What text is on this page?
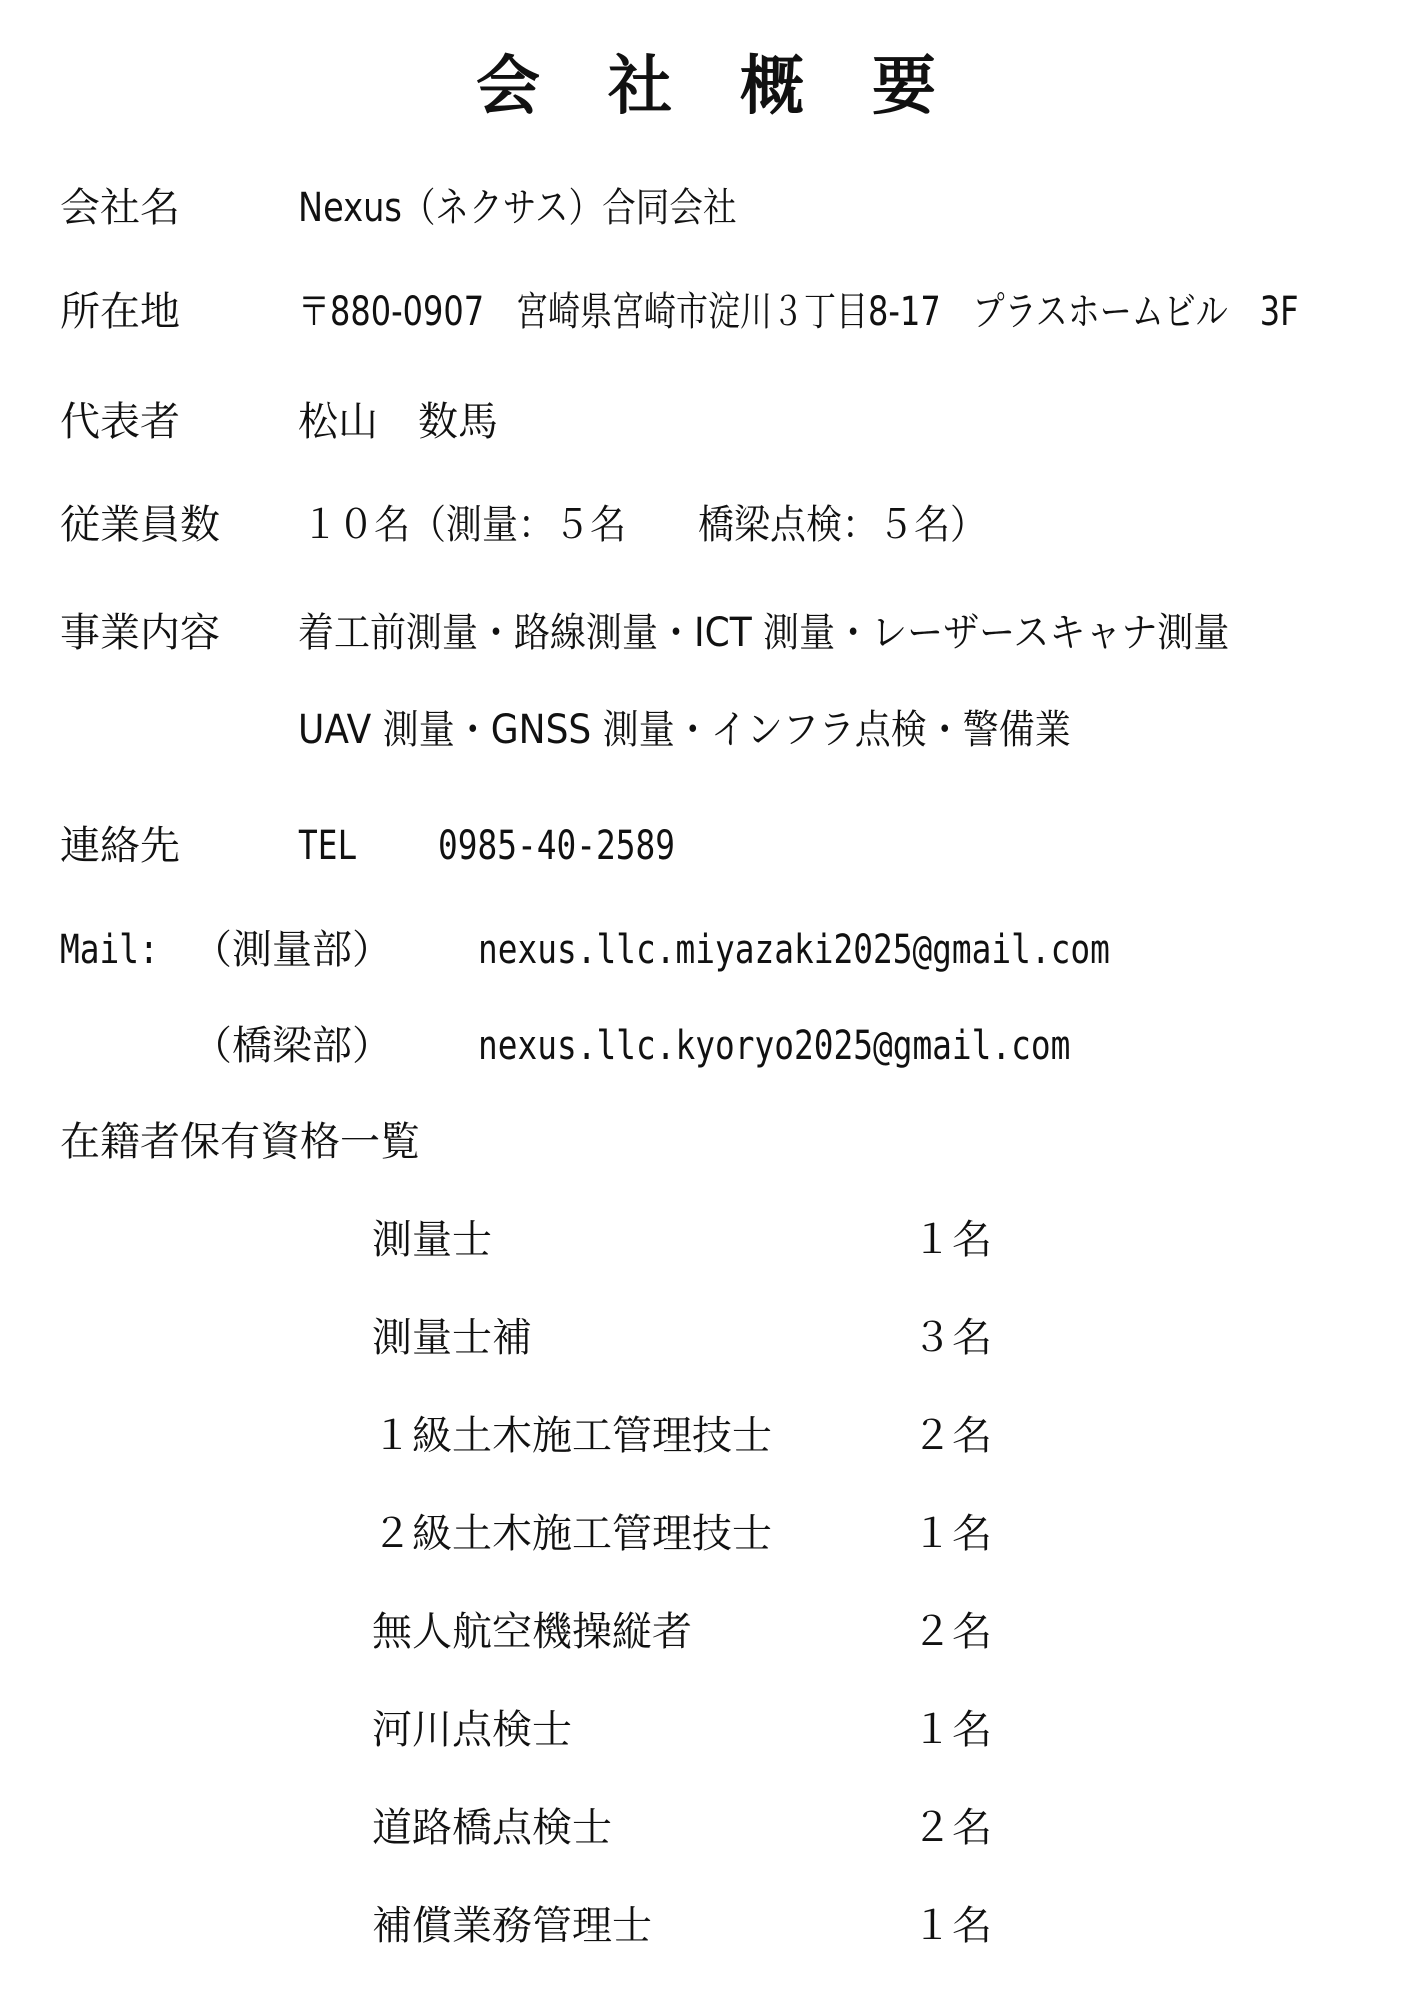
会　社　概　要
会社名	Nexus（ネクサス）合同会社
所在地	〒880-0907　宮崎県宮崎市淀川３丁目8-17　プラスホームビル　3F
代表者	松山　数馬
従業員数 １０名（測量：５名　　橋梁点検：５名）
事業内容 着工前測量・路線測量・ICT 測量・レーザースキャナ測量
UAV 測量・GNSS 測量・インフラ点検・警備業
連絡先	TEL 0985-40-2589
Mail: （測量部） nexus.llc.miyazaki2025@gmail.com
（橋梁部） nexus.llc.kyoryo2025@gmail.com
在籍者保有資格一覧
測量士	１名
測量士補	３名
１級土木施工管理技士	２名
２級土木施工管理技士	１名
無人航空機操縦者	２名
河川点検士	１名
道路橋点検士	２名
補償業務管理士	１名
